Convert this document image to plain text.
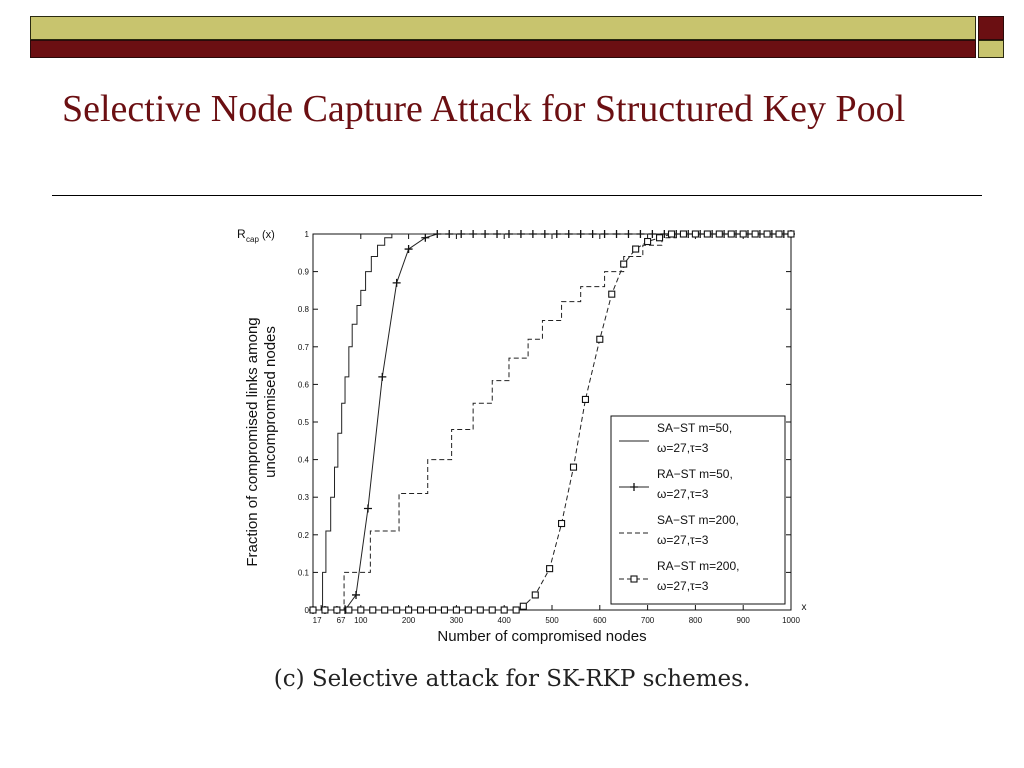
Selective Node Capture Attack for Structured Key Pool
0
0.1
0.2
0.3
0.4
0.5
0.6
0.7
0.8
0.9
1
100	200	300	400	500	600	700	800	900	1000
17 67
Number of compromised nodes
x
Fraction of compromised links among uncompromised nodes
R cap (x)
SA−ST m=50,
ω=27,τ=3
RA−ST m=50,
ω=27,τ=3
SA−ST m=200,
ω=27,τ=3
RA−ST m=200,
ω=27,τ=3
(c) Selective attack for SK-RKP schemes.
